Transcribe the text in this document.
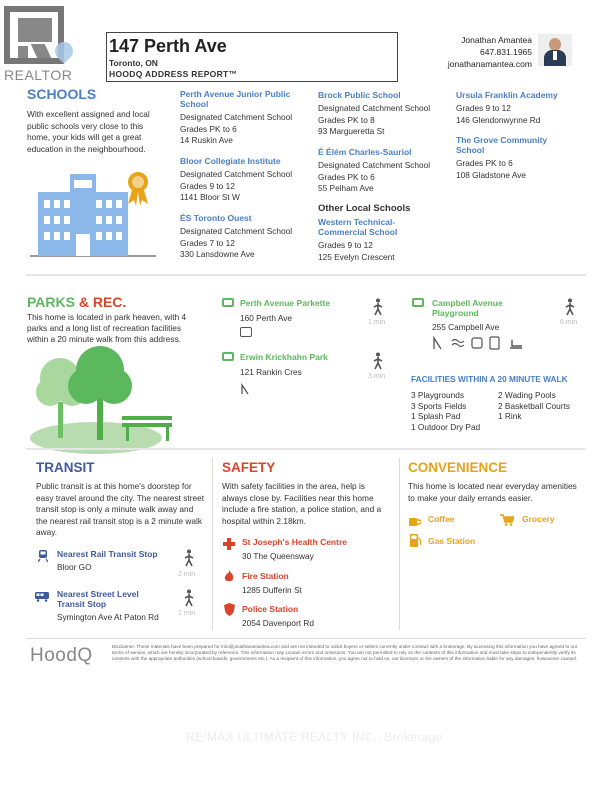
REALTOR
147 Perth Ave
Toronto, ON
HOODQ ADDRESS REPORT™
Jonathan Amantea
647.831.1965
jonathanamantea.com
SCHOOLS
With excellent assigned and local public schools very close to this home, your kids will get a great education in the neighbourhood.
Perth Avenue Junior Public School
Designated Catchment School
Grades PK to 6
14 Ruskin Ave
Bloor Collegiate Institute
Designated Catchment School
Grades 9 to 12
1141 Bloor St W
ÉS Toronto Ouest
Designated Catchment School
Grades 7 to 12
330 Lansdowne Ave
Brock Public School
Designated Catchment School
Grades PK to 8
93 Margueretta St
É Élém Charles-Sauriol
Designated Catchment School
Grades PK to 6
55 Pelham Ave
Other Local Schools
Western Technical-Commercial School
Grades 9 to 12
125 Evelyn Crescent
Ursula Franklin Academy
Grades 9 to 12
146 Glendonwynne Rd
The Grove Community School
Grades PK to 6
108 Gladstone Ave
PARKS & REC.
This home is located in park heaven, with 4 parks and a long list of recreation facilities within a 20 minute walk from this address.
Perth Avenue Parkette
160 Perth Ave	1 min
Erwin Krickhahn Park
121 Rankin Cres	3 min
Campbell Avenue Playground
255 Campbell Ave	6 min
FACILITIES WITHIN A 20 MINUTE WALK
3 Playgrounds
3 Sports Fields
1 Splash Pad
1 Outdoor Dry Pad
2 Wading Pools
2 Basketball Courts
1 Rink
TRANSIT
Public transit is at this home's doorstep for easy travel around the city. The nearest street transit stop is only a minute walk away and the nearest rail transit stop is a 2 minute walk away.
Nearest Rail Transit Stop
Bloor GO
2 min
Nearest Street Level Transit Stop
Symington Ave At Paton Rd	1 min
SAFETY
With safety facilities in the area, help is always close by. Facilities near this home include a fire station, a police station, and a hospital within 2.18km.
St Joseph's Health Centre
30 The Queensway
Fire Station
1285 Dufferin St
Police Station
2054 Davenport Rd
CONVENIENCE
This home is located near everyday amenities to make your daily errands easier.
Coffee	Grocery
Gas Station
HoodQ	Disclaimer: These materials have been prepared for info@jonathanamantea.com and are not intended to solicit buyers or sellers currently under contract with a brokerage. By accessing this information you have agreed to our terms of service, which are hereby incorporated by reference. This information may contain errors and omissions. You are not permitted to rely on the contents of this information and must take steps to independently verify its contents with the appropriate authorities (school boards, governments etc.). As a recipient of this information, you agree not to hold us, our licensors or the owners of the information liable for any damages, howsoever caused.
RE/MAX ULTIMATE REALTY INC., Brokerage
